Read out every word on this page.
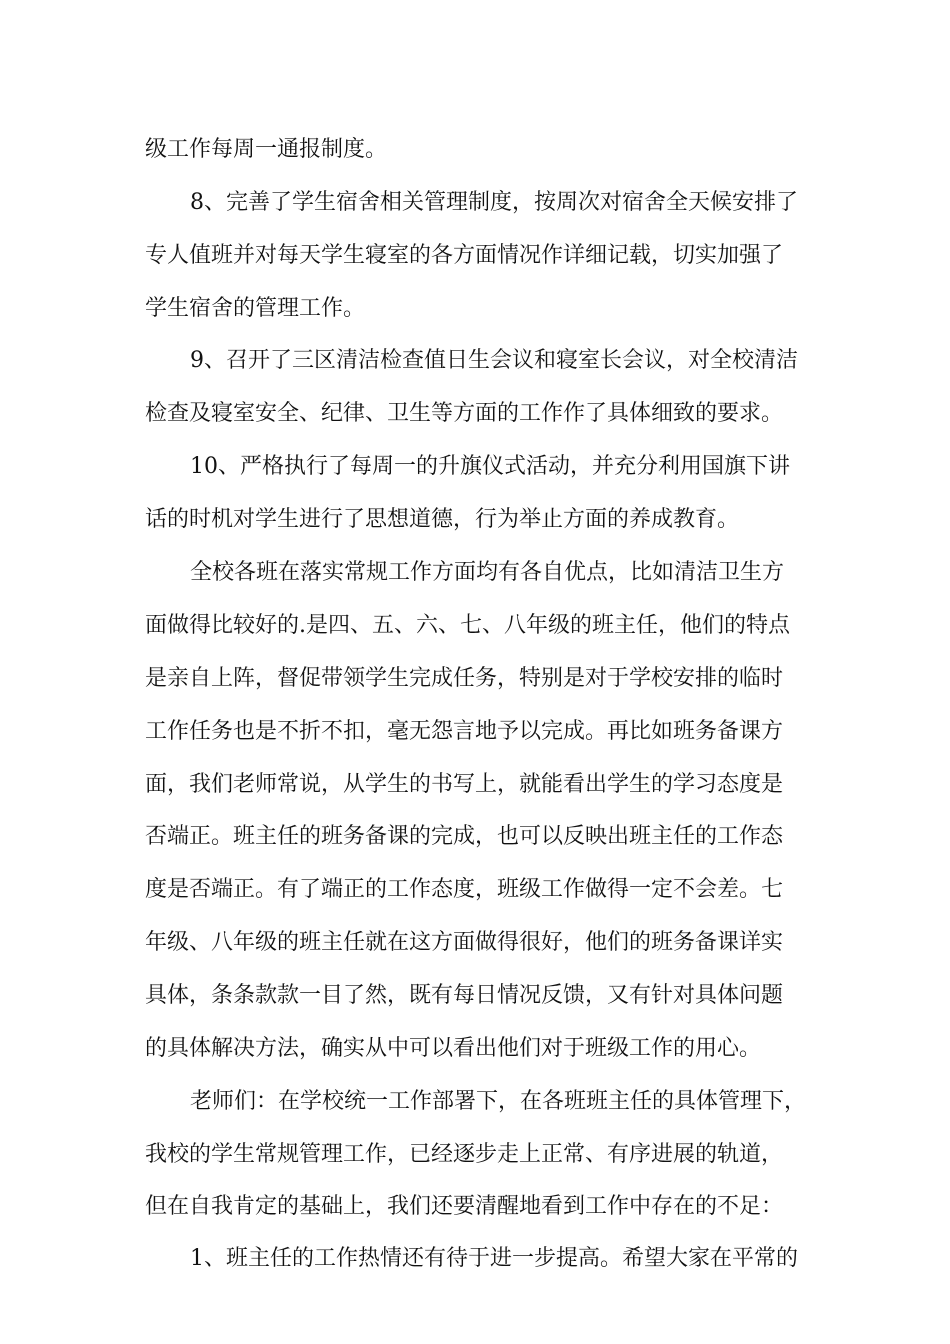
级工作每周一通报制度。
8、完善了学生宿舍相关管理制度，按周次对宿舍全天候安排了
专人值班并对每天学生寝室的各方面情况作详细记载，切实加强了
学生宿舍的管理工作。
9、召开了三区清洁检查值日生会议和寝室长会议，对全校清洁
检查及寝室安全、纪律、卫生等方面的工作作了具体细致的要求。
10、严格执行了每周一的升旗仪式活动，并充分利用国旗下讲
话的时机对学生进行了思想道德，行为举止方面的养成教育。
全校各班在落实常规工作方面均有各自优点，比如清洁卫生方
面做得比较好的.是四、五、六、七、八年级的班主任，他们的特点
是亲自上阵，督促带领学生完成任务，特别是对于学校安排的临时
工作任务也是不折不扣，毫无怨言地予以完成。再比如班务备课方
面，我们老师常说，从学生的书写上，就能看出学生的学习态度是
否端正。班主任的班务备课的完成，也可以反映出班主任的工作态
度是否端正。有了端正的工作态度，班级工作做得一定不会差。七
年级、八年级的班主任就在这方面做得很好，他们的班务备课详实
具体，条条款款一目了然，既有每日情况反馈，又有针对具体问题
的具体解决方法，确实从中可以看出他们对于班级工作的用心。
老师们：在学校统一工作部署下，在各班班主任的具体管理下，
我校的学生常规管理工作，已经逐步走上正常、有序进展的轨道，
但在自我肯定的基础上，我们还要清醒地看到工作中存在的不足：
1、班主任的工作热情还有待于进一步提高。希望大家在平常的
